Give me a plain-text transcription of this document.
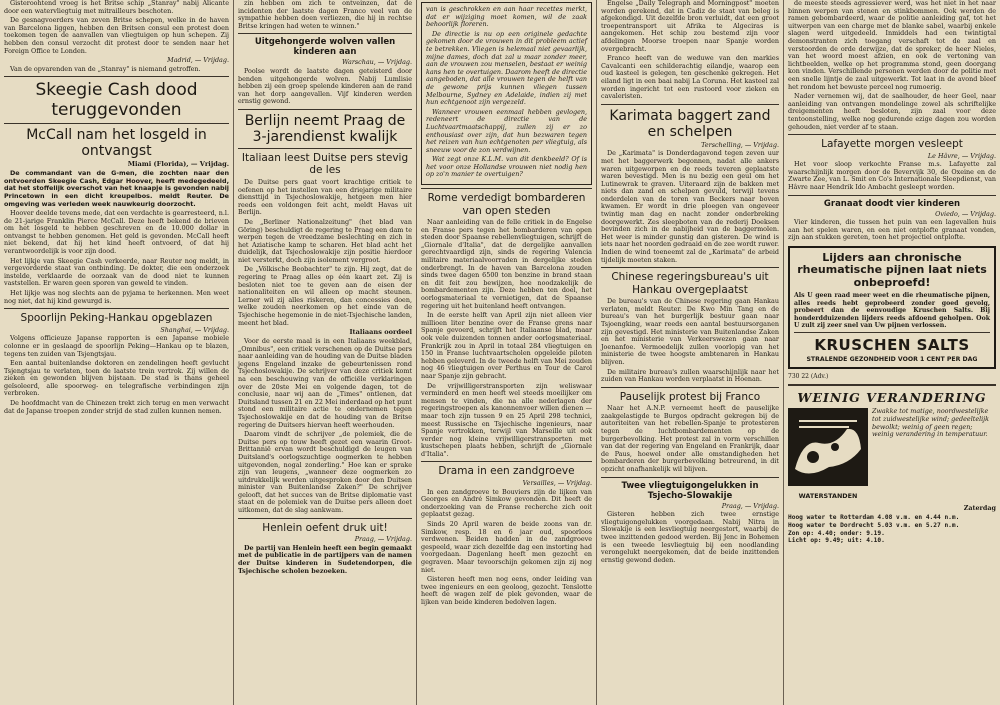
Gisteroohtend vroeg is het Britse schip „Stanray" nabij Alicante door een watervliegtuig met mitrailleurs beschoten.

De gesnagvoerders van zeven Britse schepen, welke in de haven van Barcelona liggen, hebben den Britsen consul een protest doen toekomen tegen de aanvallen van vliegtuigen op hun schepen. Zij hebben den consul verzocht dit protest door te senden naar het Foreign Office te Londen.

Madrid, — Vrijdag.

Van de opvarenden van de „Stanray" is niemand getroffen.

Skeegie Cash dood teruggevonden
McCall nam het losgeld in ontvangst
Miami (Florida), — Vrijdag.

De commandant van de G-men, die zochten naar den ontvoerden Skeegie Cash, Edgar Hoover, heeft medegedeeld, dat het stoffelijk overschot van het knaapje is gevonden nabij Princetown in een dicht kreupelbos. meldt Reuter. De omgeving was verleden week nauwkeurig doorzocht.

Hoover deelde tevens mede, dat een verdachte is gearresteerd, n.l. de 21-jarige Franklin Pierce McCall. Deze heeft bekend de brieven om het losgeld te hebben geschreven en de 10.000 dollar in ontvangst te hebben genomen. Het geld is gevonden. McCall heeft niet bekend, dat hij het kind heeft ontvoerd, of dat hij verantwoordelijk is voor zijn dood.

Het lijkje van Skeegie Cash verkeerde, naar Reuter nog meldt, in vergevorderde staat van ontbinding. De dokter, die een onderzoek instelde, verklaarde de oorzaak van de dood niet te kunnen vaststellen. Er waren geen sporen van geweld te vinden.

Het lijkje was nog slechts aan de pyjama te herkennen. Men weet nog niet, dat hij kind gewurgd is.

Spoorlijn Peking-Hankau opgeblazen
Shanghai, — Vrijdag.

Volgens officieuze Japanse rapporten is een Japanse mobiele colonne er in geslaagd de spoorlijn Peking—Hankau op te blazen, tegens ten zuiden van Tsjengtsjau.

Een aantal buitenlandse doktoren en zendelingen heeft gevlucht Tsjengtsjau te verlaten, toen de laatste trein vertrok. Zij willen de zieken en gewonden blijven bijstaan. De stad is thans geheel geïsoleerd, alle spoorweg- en telegrafische verbindingen zijn verbroken.

De hoofdmacht van de Chinezen trekt zich terug en men verwacht dat de Japanse troepen zonder strijd de stad zullen kunnen nemen.

zin hebben om zich te ontveinzen, dat de incidenten der laatste dagen Franco veel van de sympathie hebben doen verliezen, die hij in rechtse Britse kringen had weten te winnen."

Uitgehongerde wolven vallen kinderen aan
Warschau, — Vrijdag.

Poolse wordt de laatste dagen geteisterd door benden uitgehongerde wolven. Nabij Lumlisie hebben zij een groep spelende kinderen aan de rand van het dorp aangevallen. Vijf kinderen werden ernstig gewond.

Berlijn neemt Praag de 3-jarendienst kwalijk
Italiaan leest Duitse pers stevig de les

De Duitse pers gaat voort krachtige critiek te oefenen op het instellen van een driejarige militaire diensttijd in Tsjechoslowakije, hetgeen men hier reeds een voldongen feit acht, meldt Havas uit Berlijn.

De „Berliner Nationalzeitung" (het blad van Göring) beschuldigt de regering te Praag een dam te werpen tegen de vreedzame beslechting en zich in het Aziatische kamp te scharen. Het blad acht het duidelijk, dat Tsjechoslowakije zijn positie hierdoor niet versterkt, doch zijn isolement vergroot.

De „Völkische Beobachter" te zijn. Hij zegt, dat de regering te Praag alles op één kaart zet. Zij is besloten niet toe te geven aan de eisen der nationaliteiten en wil alleen op macht steunen. Lerner wil zij alles riskeren, dan concessies doen, welke zouden neerkomen op het einde van de Tsjechische hegemonie in de niet-Tsjechische landen, meent het blad.

Italiaans oordeel

Voor de eerste maal is in een Italiaans weekblad, „Omnibus", een critiek verschenen op de Duitse pers naar aanleiding van de houding van de Duitse bladen jegens Engeland inzake de gebeurtenissen rond Tsjechoslowakije. De schrijver van deze critiek komt na een beschouwing van de officiële verklaringen over de 20ste Mei en volgende dagen, tot de conclusie, naar wij aan de „Times" ontlenen, dat Duitsland tussen 21 en 22 Mei inderdaad op het punt stond een militaire actie te ondernemen tegen Tsjechoslowakije en dat de houding van de Britse regering de Duitsers hiervan heeft weerhouden.

Daarom vindt de schrijver „de polemiek, die de Duitse pers op touw heeft gezet een waarin Groot-Brittannië ervan wordt beschuldigd de leugen van Duitsland's oorlogszuchtige oogmerken te hebben uitgevonden, nogal zonderling." Hoe kan er sprake zijn van leugens, „wanneer deze oogmerken zo uitdrukkelijk werden uitgesproken door den Duitsen minister van Buitenlandse Zaken?" De schrijver gelooft, dat het succes van de Britse diplomatie vast staat en de polemiek van de Duitse pers alleen doet uitkomen, dat de slag aankwam.

Henlein oefent druk uit!
Praag, — Vrijdag.

De partij van Henlein heeft een begin gemaakt met de publicatie in de partijpers van de namen der Duitse kinderen in Sudetendorpen, die Tsjechische scholen bezoeken.

van is geschrokken en aan haar recettes merkt, dat er wijziging moet komen, wil de zaak behoorlijk floreren.

De directie is nu op een originele gedachte gekomen door de vrouwen in dit probleem actief te betrekken. Vliegen is helemaal niet gevaarlijk, mijne dames, doch dat zal u maar zonder meer, aan de vrouwen zou menselen, bestaat er weinig kans hen te overtuigen. Daarom heeft de directie aangeboden, dat alle vrouwen tegen de helft van de gewone prijs kunnen vliegen tussen Melbourne, Sydney en Adelaide, indien zij met hun echtgenoot zijn vergezeld.

Wanneer vrouwen eenmaal hebben gevlogen, redeneert de directie van de Luchtvaartmaatschappij, zullen zij er zo enthousiast over zijn, dat hun bezwaren tegen het reizen van hun echtgenoten per vliegtuig, als sneeuw voor de zon verdwijnen.

Wat zegt onze K.L.M. van dit denkbeeld? Of is het voor onze Hollandse vrouwen niet nodig hen op zo'n manier te overtuigen?

Rome verdedigt bombarderen van open steden

Naar aanleiding van de felle critiek in de Engelse en Franse pers tegen het bombarderen van open steden door Spaanse rebellenvliegtuigen, schrijft de „Giornale d'Italia", dat de dergelijke aanvallen gerechtvaardigd zijn, sinds de regering Valencia militaire materiaalvoorraden in dergelijke steden onderbrengt. In de haven van Barcelona zouden sinds twee dagen 6500 ton benzine in brand staan en dit feit zou bewijzen, hoe noodzakelijk de bombardementen zijn. Deze hebben ten doel, het oorlogsmateriaal te vernietigen, dat de Spaanse regering uit het buitenland heeft ontvangen.

In de eerste helft van April zijn niet alleen vier millioen liter benzine over de Franse grens naar Spanje gevoerd, schrijft het Italiaanse blad, maar ook vele duizenden tonnen ander oorlogsmateriaal. Frankrijk zou in April in totaal 284 vliegtuigen en 150 in Franse luchtvaartscholen opgeleide piloten hebben geleverd. In de tweede helft van Mei zouden nog 46 vliegtuigen over Perthus en Tour de Carol naar Spanje zijn gebracht.

De vrijwilligerstransporten zijn weliswaar verminderd en men heeft wel steeds moeilijker om mensen te vinden, die na alle nederlagen der regeringstroepen als kanonnenvoer willen dienen — maar toch zijn tussen 9 en 25 April 298 technici, meest Russische en Tsjechische ingenieurs, naar Spanje vertrokken, terwijl van Marseille uit ook verder nog kleine vrijwilligerstransporten met kustschepen plaats hebben, schrijft de „Giornale d'Italia".

Drama in een zandgroeve
Versailles, — Vrijdag.

In een zandgroeve te Bouviers zijn de lijken van Georges en André Simkow gevonden. Dit heeft de onderzoeking van de Franse recherche zich ooit geplaatst gezag.

Sinds 20 April waren de beide zoons van dr. Simkow, resp. 18 en 6 jaar oud, spoorloos verdwenen. Beiden hadden in de zandgroeve gespeeld, waar zich dezelfde dag een instorting had voorgedaan. Dagenlang heeft men gezocht en gegraven. Maar tevoorschijn gekomen zijn zij nog niet.

Gisteren heeft men nog eens, onder leiding van twee ingenieurs en een geoloog, gezocht. Tenslotte heeft de wagen zelf de plek gevonden, waar de lijken van beide kinderen bedolven lagen.

Engelse „Daily Telegraph and Morningpost" moeten worden gerekend, dat in Cadiz de staat van beleg is afgekondigd. Uit dezelfde bron verluidt, dat een groot troepentransport uit Afrika te Algeciras is aangekomen. Het schip zou bestemd zijn voor afdelingen Moorse troepen naar Spanje worden overgebracht.

Franco heeft van de weduwe van den markies Cavalcanti een schilderachtig eilandje, waarop een oud kasteel is gelegen, ten geschenke gekregen. Het eiland ligt in een baai nabij La Coruna. Het kasteel zal worden ingericht tot een rustoord voor zieken en cavaleristen.

Karimata baggert zand en schelpen
Terschelling, — Vrijdag.

De „Karimata" is Donderdagavond tegen zeven uur met het baggerwerk begonnen, nadat alle ankers waren uitgeworpen en de reeds teveren geplaatste waren bevestigd. Men is nu bezig een geul om het Lutinewrak te graven. Uiteraard zijn de bakken met niets dan zand en schelpen gevuld, terwijl tevens onderdelen van de toren van Beckers naar boven kwamen. Er wordt in drie ploegen van ongeveer twintig man dag en nacht zonder onderbreking doorgewerkt. Zes sleepboten van de rederij Doeksen bevinden zich in de nabijheid van de baggermolen. Het weer is minder gunstig dan gisteren. De wind is iets naar het noorden gedraaid en de zee wordt ruwer. Indien de wind toeneemt zal de „Karimata" de arbeid tijdelijk moeten staken.

Chinese regeringsbureau's uit Hankau overgeplaatst

De bureau's van de Chinese regering gaan Hankau verlaten, meldt Reuter. De Kwo Min Tang en de bureau's van het burgerlijk bestuur gaan naar Tsjoengking, waar reeds een aantal bestuursorganen zijn gevestigd. Het ministerie van Buitenlandse Zaken en het ministerie van Verkeerswezen gaan naar Joenanfoe. Vermoedelijk zullen voorlopig van het ministerie de twee hoogste ambtenaren in Hankau blijven.

De militaire bureau's zullen waarschijnlijk naar het zuiden van Hankau worden verplaatst in Hoenan.

Pauselijk protest bij Franco

Naar het A.N.P. verneemt heeft de pauselijke zaakgelastigde te Burgos opdracht gekregen bij de autoriteiten van het rebellen-Spanje te protesteren tegen de luchtbombardementen op de burgerbevolking. Het protest zal in vorm verschillen van dat der regering van Engeland en Frankrijk, daar de Paus, hoewel onder alle omstandigheden het bombarderen der burgerbevolking betreurend, in dit opzicht onafhankelijk wil blijven.

Twee vliegtuigongelukken in Tsjecho-Slowakije
Praag, — Vrijdag.

Gisteren hebben zich twee ernstige vliegtuigongelukken voorgedaan. Nabij Nitra in Slowakije is een lesvliegtuig neergestort, waarbij de twee inzittenden gedood werden. Bij Jenc in Bohemen is een tweede lesvliegtuig bij een noodlanding verongelukt neergekomen, dat de beide inzittenden ernstig gewond deden.

de meeste steeds agressiever werd, was het niet in het naar binnen werpen van stenen en stinkbommen. Ook werden de ramen gebombardeerd, waar de politie aanleiding gaf, tot het uitwerpen van een charge met de blanke sabel, waarbij enkele slagen werd uitgedeeld. Inmiddels had een twintigtal demonstranten zich toegang verschaft tot de zaal en verstoorden de orde derwijze, dat de spreker, de heer Nieles, van het woord moest afzien, en ook de vertoning van lichtbeelden, welke op het programma stond, geen doorgang kon vinden. Verschillende personen werden door de politie met een snelle lijntje de zaal uitgewerkt. Tot laat in de avond bleef het rondom het bewuste perceel nog rumoerig.

Nader vernemen wij, dat de saalhouder, de heer Geel, naar aanleiding van ontvangen mondelinge zowel als schriftelijke dreigementen heeft besloten, zijn zaal voor deze tentoonstelling, welke nog gedurende ezige dagen zou worden gehouden, niet verder af te staan.

Lafayette morgen vesleept
Le Hâvre, — Vrijdag.

Het voor sloop verkochte Franse m.s. Lafayette zal waarschijnlijk morgen door de Bevervijk 30, de Oxeine en de Zwarte Zee, van L. Smit en Co's Internationale Sleepdienst, van Hâvre naar Hendrik Ido Ambacht gesleept worden.

Granaat doodt vier kinderen
Oviedo, — Vrijdag.

Vier kinderen, die tussen het puin van een lagevallen huis aan het spelen waren, en een niet ontplofte granaat vonden, zijn aan stukken gereten, toen het projectiel ontplofte.

Lijders aan chronische rheumatische pijnen laat niets onbeproefd!
Als U geen raad meer weet en die rheumatische pijnen, alles reeds hebt geprobeerd zonder goed gevolg, probeert dan de eenvoudige Kruschen Salts. Bij honderdduizenden lijders reeds afdoend geholpen. Ook U zult zij zeer snel van Uw pijnen verlossen.
KRUSCHEN SALTS
STRALENDE GEZONDHEID VOOR 1 CENT PER DAG
730 22 (Adv.)
WEINIG VERANDERING
WATERSTANDEN
Zwakke tot matige, noordwestelijke tot zuidwestelijke wind; gedeeltelijk bewolkt; weinig of geen regen; weinig verandering in temperatuur.
Zaterdag
Hoog water te Rotterdam 4.08 v.m. en 4.44 n.m.
Hoog water te Dordrecht 5.03 v.m. en 5.27 n.m.
Zon op: 4.40; onder: 9.19.
Licht op: 9.49; uit: 4.10.
